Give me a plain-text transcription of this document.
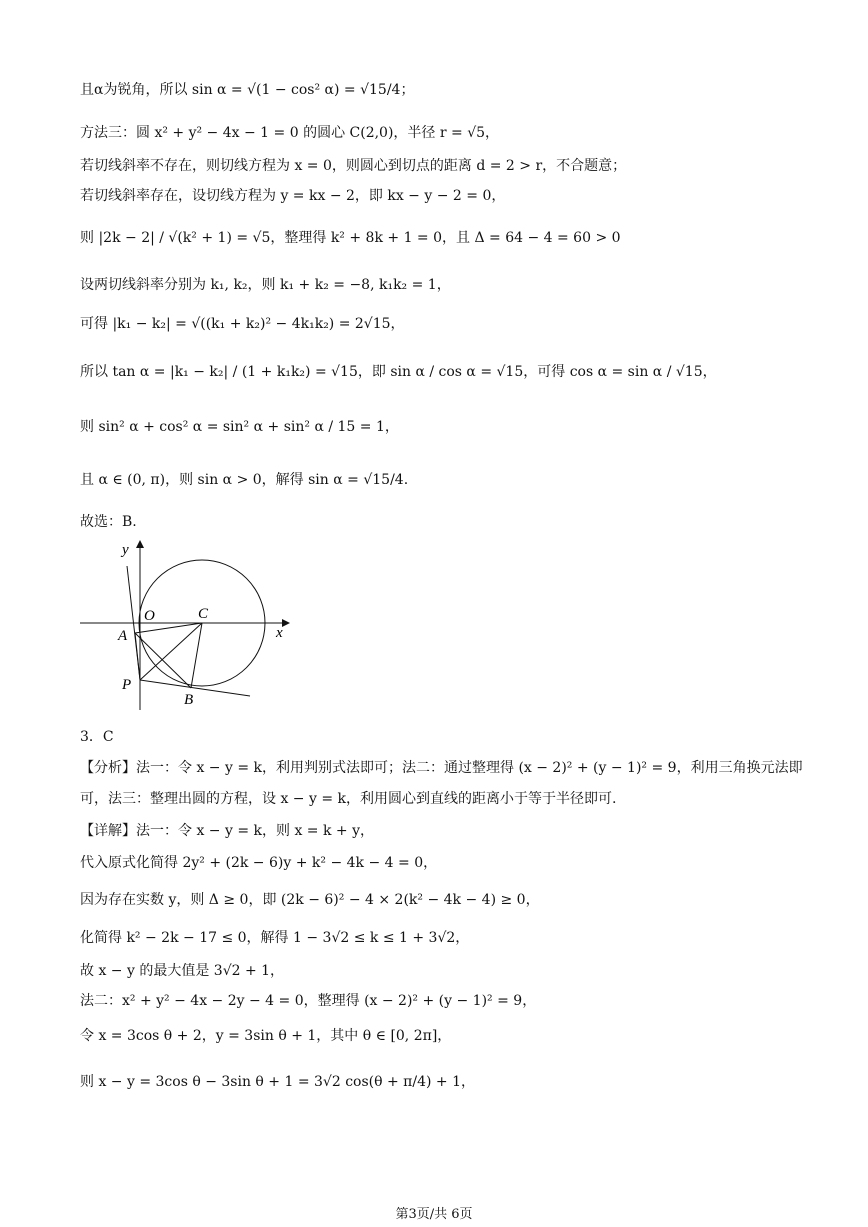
且α为锐角，所以 sin α = √(1 − cos² α) = √15/4；
方法三：圆 x² + y² − 4x − 1 = 0 的圆心 C(2,0)，半径 r = √5，
若切线斜率不存在，则切线方程为 x = 0，则圆心到切点的距离 d = 2 > r，不合题意；
若切线斜率存在，设切线方程为 y = kx − 2，即 kx − y − 2 = 0，
则 |2k − 2| / √(k² + 1) = √5，整理得 k² + 8k + 1 = 0，且 Δ = 64 − 4 = 60 > 0
设两切线斜率分别为 k₁, k₂，则 k₁ + k₂ = −8, k₁k₂ = 1，
可得 |k₁ − k₂| = √((k₁ + k₂)² − 4k₁k₂) = 2√15，
所以 tan α = |k₁ − k₂| / (1 + k₁k₂) = √15，即 sin α / cos α = √15，可得 cos α = sin α / √15，
则 sin² α + cos² α = sin² α + sin² α / 15 = 1，
且 α ∈ (0, π)，则 sin α > 0，解得 sin α = √15/4.
故选：B.
y
O	C
x
A
P
B
3．C
【分析】法一：令 x − y = k，利用判别式法即可；法二：通过整理得 (x − 2)² + (y − 1)² = 9，利用三角换元法即
可，法三：整理出圆的方程，设 x − y = k，利用圆心到直线的距离小于等于半径即可.
【详解】法一：令 x − y = k，则 x = k + y，
代入原式化简得 2y² + (2k − 6)y + k² − 4k − 4 = 0，
因为存在实数 y，则 Δ ≥ 0，即 (2k − 6)² − 4 × 2(k² − 4k − 4) ≥ 0，
化简得 k² − 2k − 17 ≤ 0，解得 1 − 3√2 ≤ k ≤ 1 + 3√2，
故 x − y 的最大值是 3√2 + 1，
法二：x² + y² − 4x − 2y − 4 = 0，整理得 (x − 2)² + (y − 1)² = 9，
令 x = 3cos θ + 2，y = 3sin θ + 1，其中 θ ∈ [0, 2π]，
则 x − y = 3cos θ − 3sin θ + 1 = 3√2 cos(θ + π/4) + 1，
第3页/共 6页
